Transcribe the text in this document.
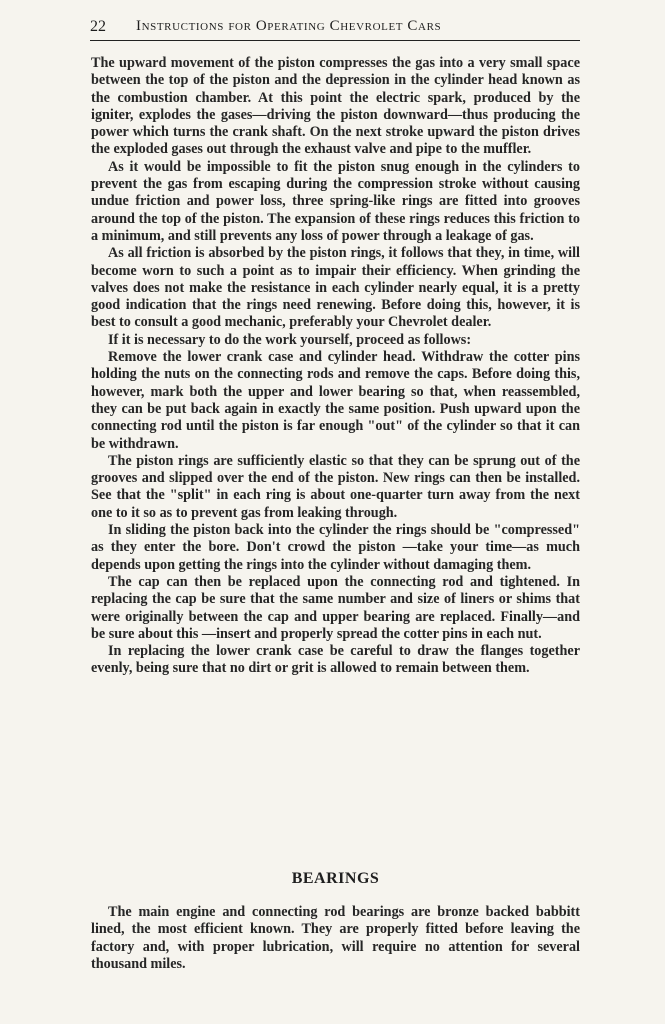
22 Instructions for Operating Chevrolet Cars

The upward movement of the piston compresses the gas into a very small space between the top of the piston and the depression in the cylinder head known as the combustion chamber. At this point the electric spark, produced by the igniter, explodes the gases—driving the piston downward—thus producing the power which turns the crank shaft. On the next stroke upward the piston drives the exploded gases out through the exhaust valve and pipe to the muffler.

As it would be impossible to fit the piston snug enough in the cylinders to prevent the gas from escaping during the compression stroke without causing undue friction and power loss, three spring-like rings are fitted into grooves around the top of the piston. The expansion of these rings reduces this friction to a minimum, and still prevents any loss of power through a leakage of gas.

As all friction is absorbed by the piston rings, it follows that they, in time, will become worn to such a point as to impair their efficiency. When grinding the valves does not make the resistance in each cylinder nearly equal, it is a pretty good indication that the rings need renewing. Before doing this, however, it is best to consult a good mechanic, preferably your Chevrolet dealer.

If it is necessary to do the work yourself, proceed as follows:

Remove the lower crank case and cylinder head. Withdraw the cotter pins holding the nuts on the connecting rods and remove the caps. Before doing this, however, mark both the upper and lower bearing so that, when reassembled, they can be put back again in exactly the same position. Push upward upon the connecting rod until the piston is far enough "out" of the cylinder so that it can be withdrawn.

The piston rings are sufficiently elastic so that they can be sprung out of the grooves and slipped over the end of the piston. New rings can then be installed. See that the "split" in each ring is about one-quarter turn away from the next one to it so as to prevent gas from leaking through.

In sliding the piston back into the cylinder the rings should be "compressed" as they enter the bore. Don't crowd the piston —take your time—as much depends upon getting the rings into the cylinder without damaging them.

The cap can then be replaced upon the connecting rod and tightened. In replacing the cap be sure that the same number and size of liners or shims that were originally between the cap and upper bearing are replaced. Finally—and be sure about this —insert and properly spread the cotter pins in each nut.

In replacing the lower crank case be careful to draw the flanges together evenly, being sure that no dirt or grit is allowed to remain between them.

BEARINGS

The main engine and connecting rod bearings are bronze backed babbitt lined, the most efficient known. They are properly fitted before leaving the factory and, with proper lubrication, will require no attention for several thousand miles.
